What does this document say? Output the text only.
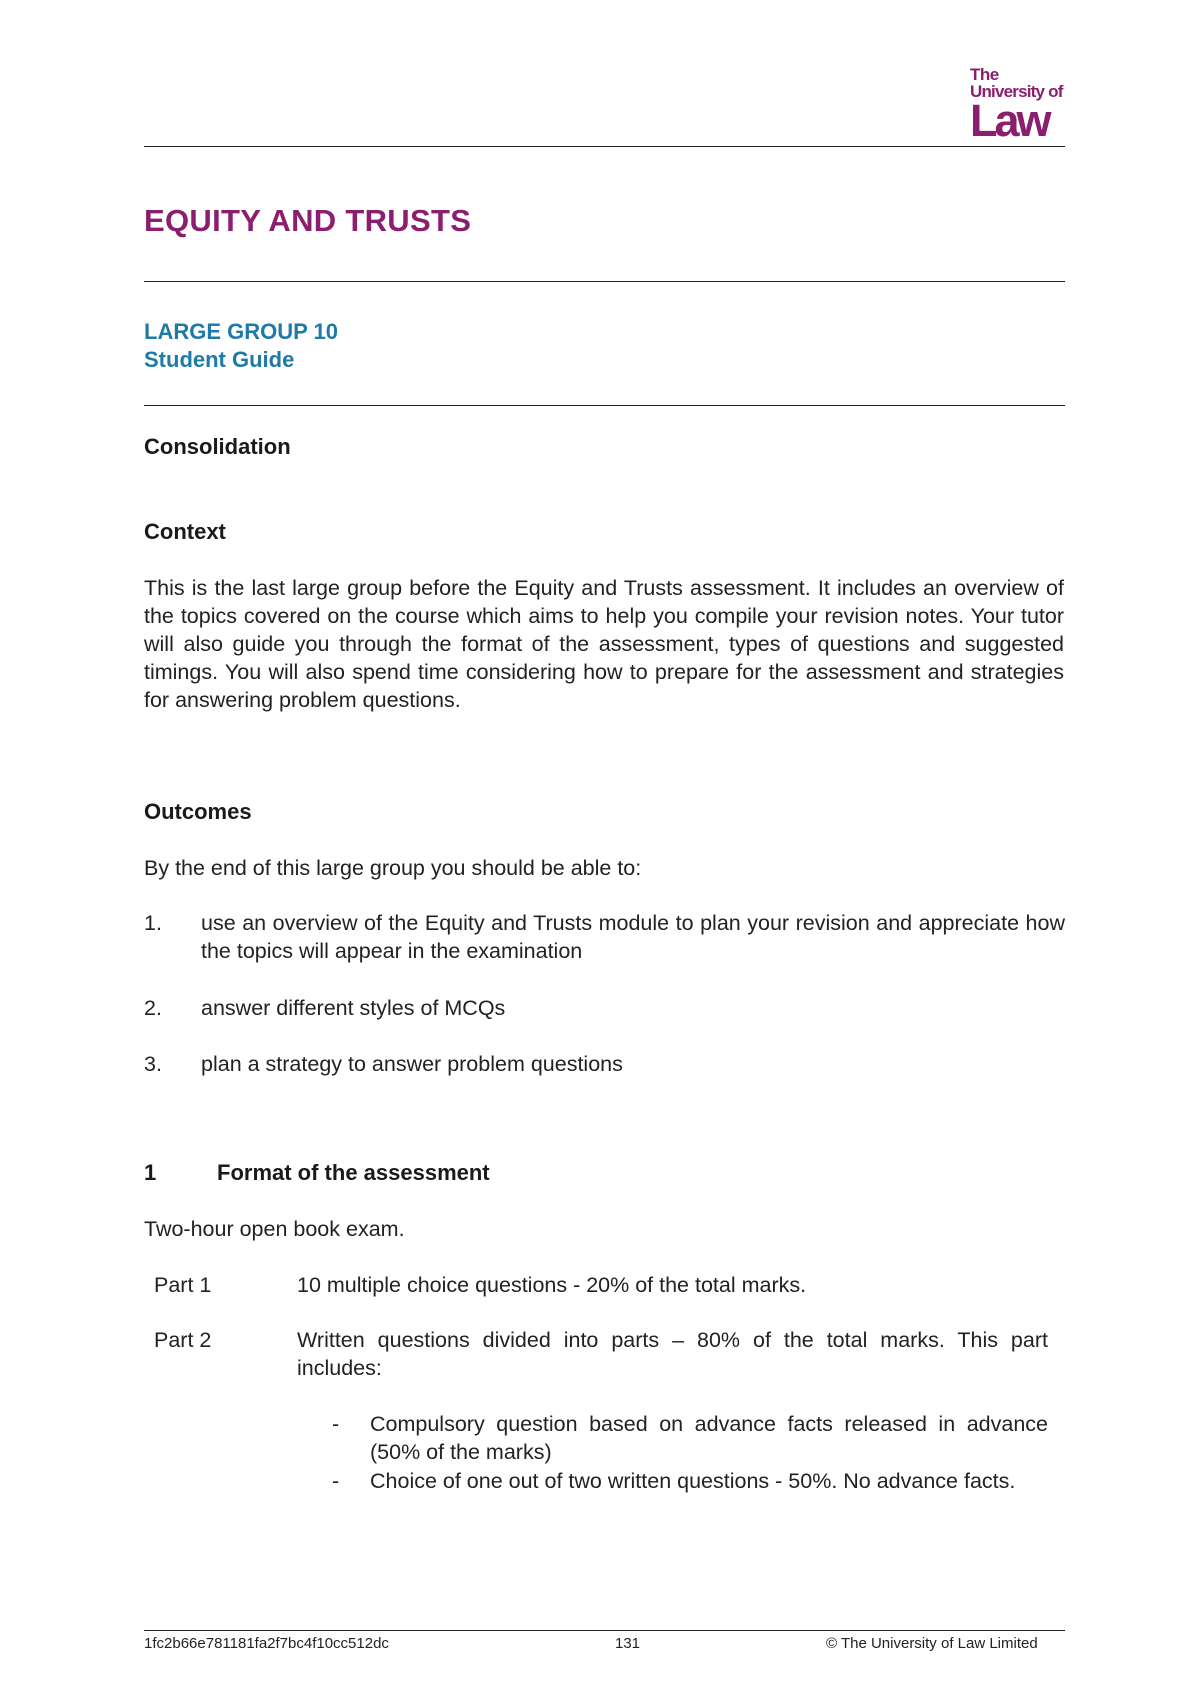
The
University of
Law
EQUITY AND TRUSTS
LARGE GROUP 10
Student Guide
Consolidation
Context

This is the last large group before the Equity and Trusts assessment. It includes an overview of the topics covered on the course which aims to help you compile your revision notes. Your tutor will also guide you through the format of the assessment, types of questions and suggested timings. You will also spend time considering how to prepare for the assessment and strategies for answering problem questions.

Outcomes

By the end of this large group you should be able to:

1. use an overview of the Equity and Trusts module to plan your revision and appreciate how the topics will appear in the examination
2. answer different styles of MCQs
3. plan a strategy to answer problem questions
1	Format of the assessment

Two-hour open book exam.

Part 1	10 multiple choice questions - 20% of the total marks.
Part 2	Written questions divided into parts – 80% of the total marks. This part includes:
- Compulsory question based on advance facts released in advance (50% of the marks)
- Choice of one out of two written questions - 50%. No advance facts.
1fc2b66e781181fa2f7bc4f10cc512dc	131	© The University of Law Limited
